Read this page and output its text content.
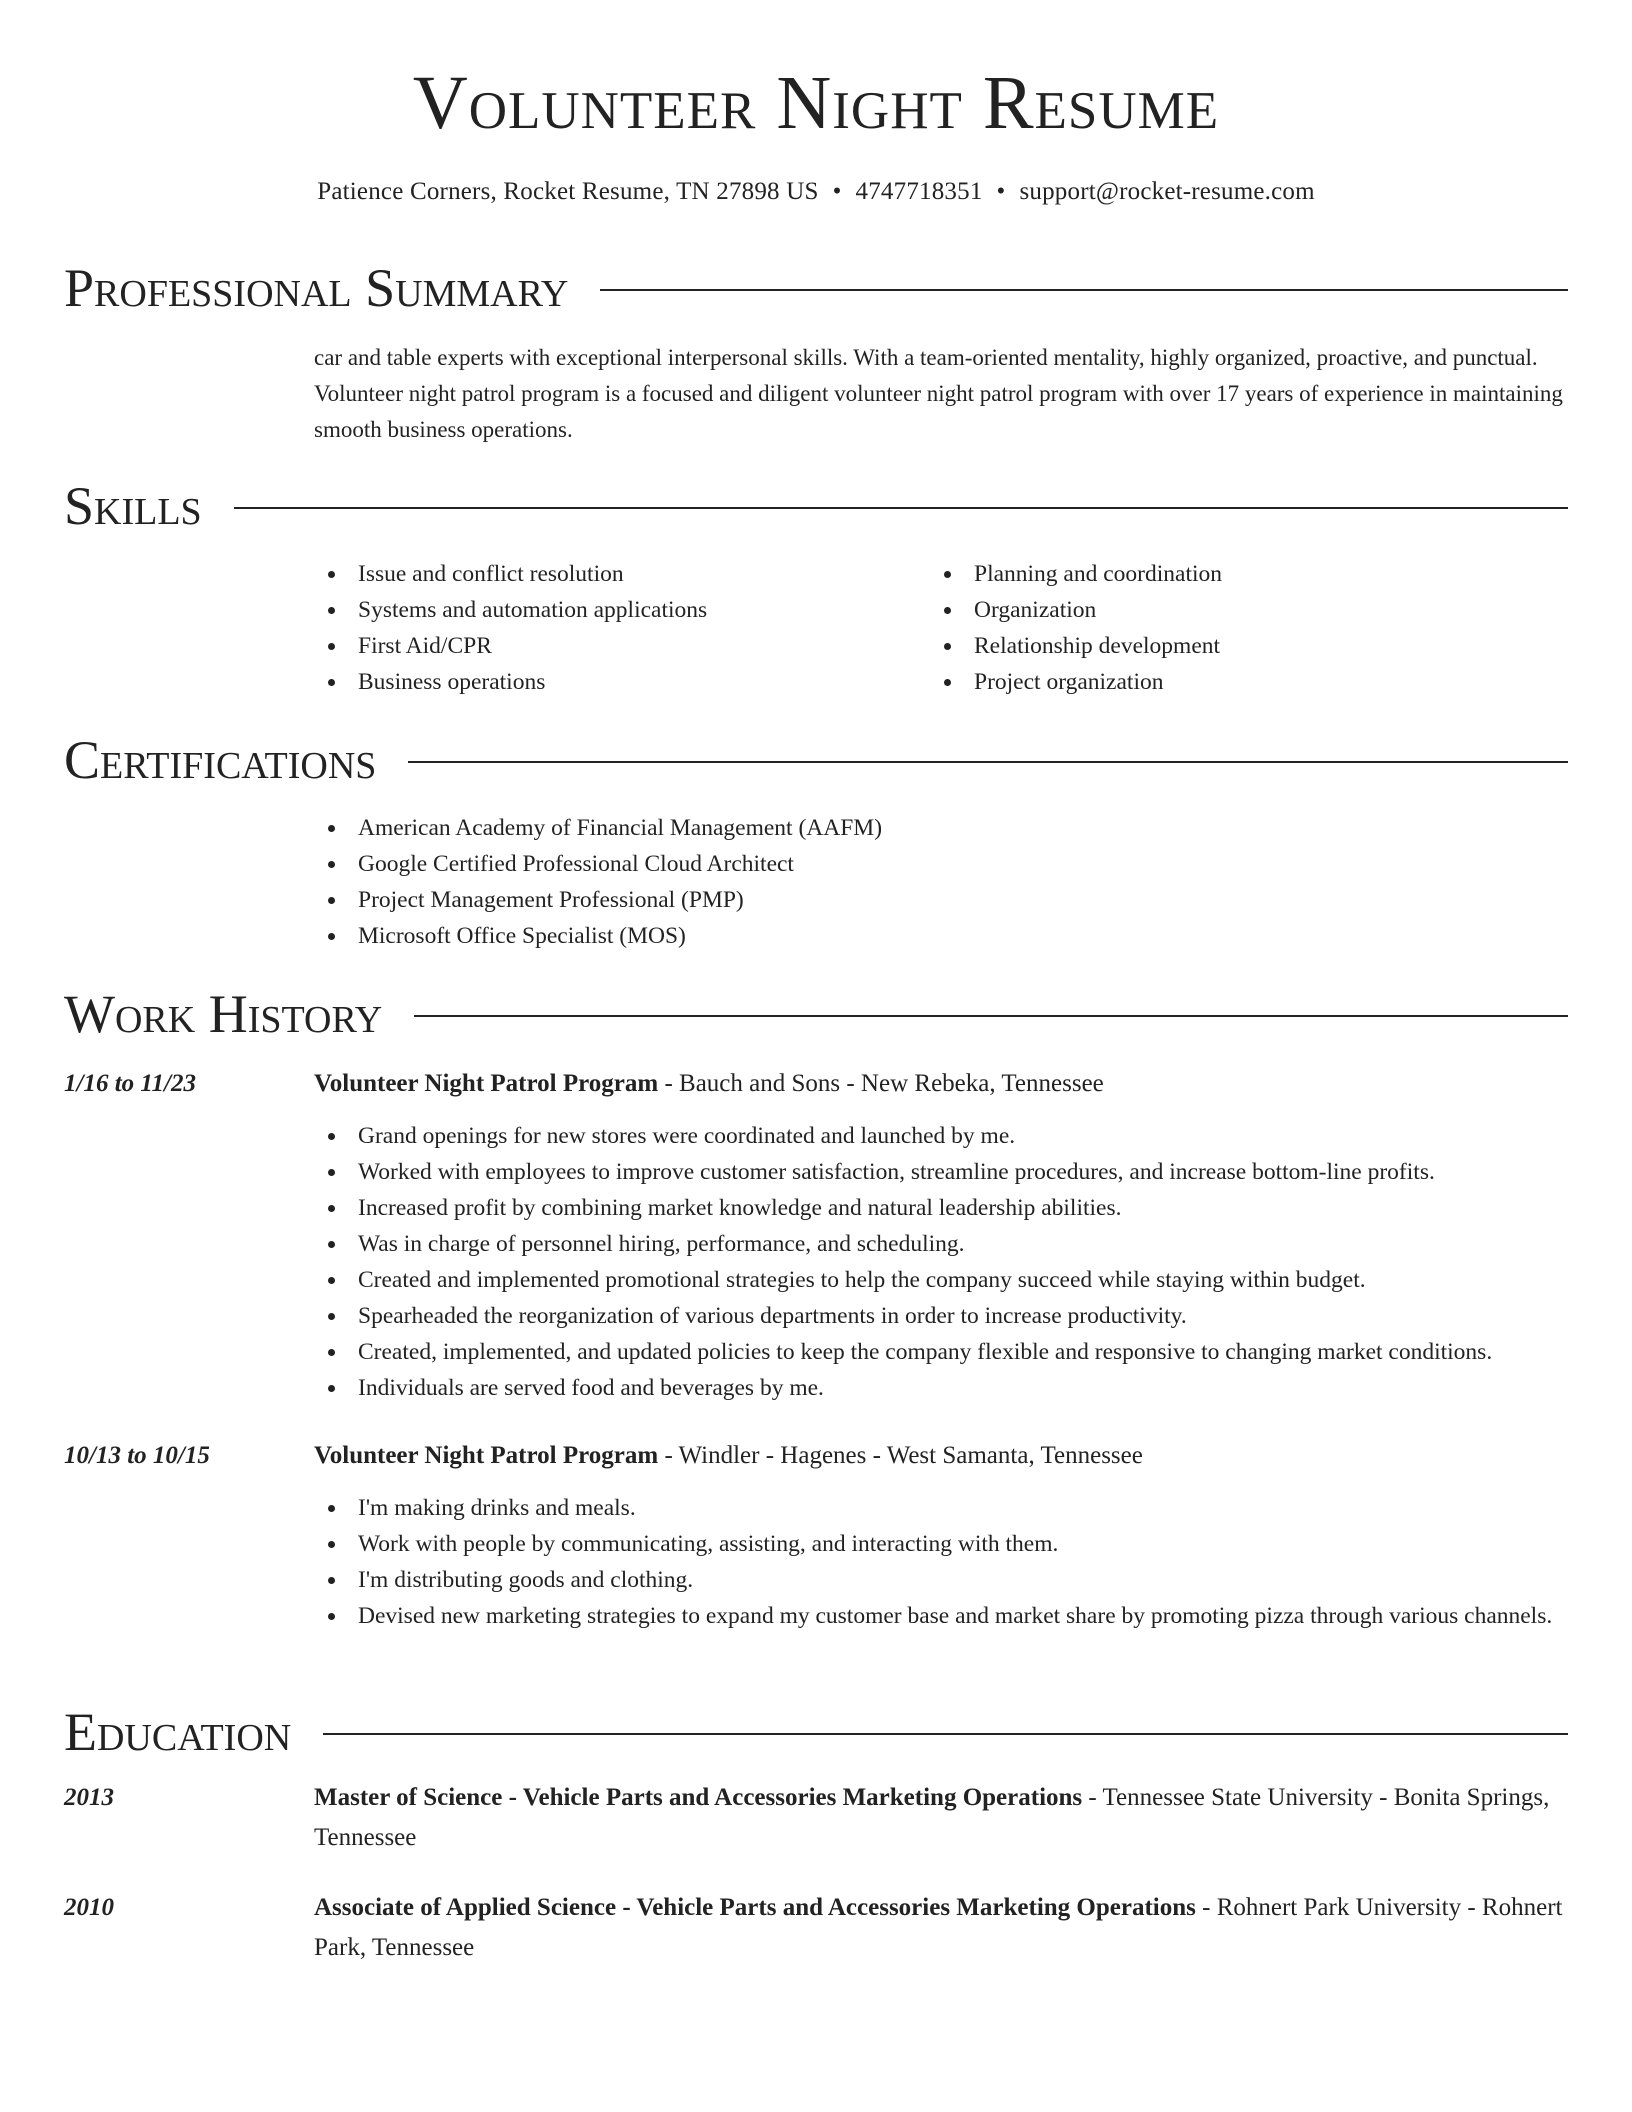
Volunteer Night Resume
Patience Corners, Rocket Resume, TN 27898 US • 4747718351 • support@rocket-resume.com
Professional Summary
car and table experts with exceptional interpersonal skills. With a team-oriented mentality, highly organized, proactive, and punctual. Volunteer night patrol program is a focused and diligent volunteer night patrol program with over 17 years of experience in maintaining smooth business operations.
Skills
Issue and conflict resolution
Systems and automation applications
First Aid/CPR
Business operations
Planning and coordination
Organization
Relationship development
Project organization
Certifications
American Academy of Financial Management (AAFM)
Google Certified Professional Cloud Architect
Project Management Professional (PMP)
Microsoft Office Specialist (MOS)
Work History
1/16 to 11/23	Volunteer Night Patrol Program - Bauch and Sons - New Rebeka, Tennessee
Grand openings for new stores were coordinated and launched by me.
Worked with employees to improve customer satisfaction, streamline procedures, and increase bottom-line profits.
Increased profit by combining market knowledge and natural leadership abilities.
Was in charge of personnel hiring, performance, and scheduling.
Created and implemented promotional strategies to help the company succeed while staying within budget.
Spearheaded the reorganization of various departments in order to increase productivity.
Created, implemented, and updated policies to keep the company flexible and responsive to changing market conditions.
Individuals are served food and beverages by me.
10/13 to 10/15	Volunteer Night Patrol Program - Windler - Hagenes - West Samanta, Tennessee
I'm making drinks and meals.
Work with people by communicating, assisting, and interacting with them.
I'm distributing goods and clothing.
Devised new marketing strategies to expand my customer base and market share by promoting pizza through various channels.
Education
2013	Master of Science - Vehicle Parts and Accessories Marketing Operations - Tennessee State University - Bonita Springs, Tennessee
2010	Associate of Applied Science - Vehicle Parts and Accessories Marketing Operations - Rohnert Park University - Rohnert Park, Tennessee
